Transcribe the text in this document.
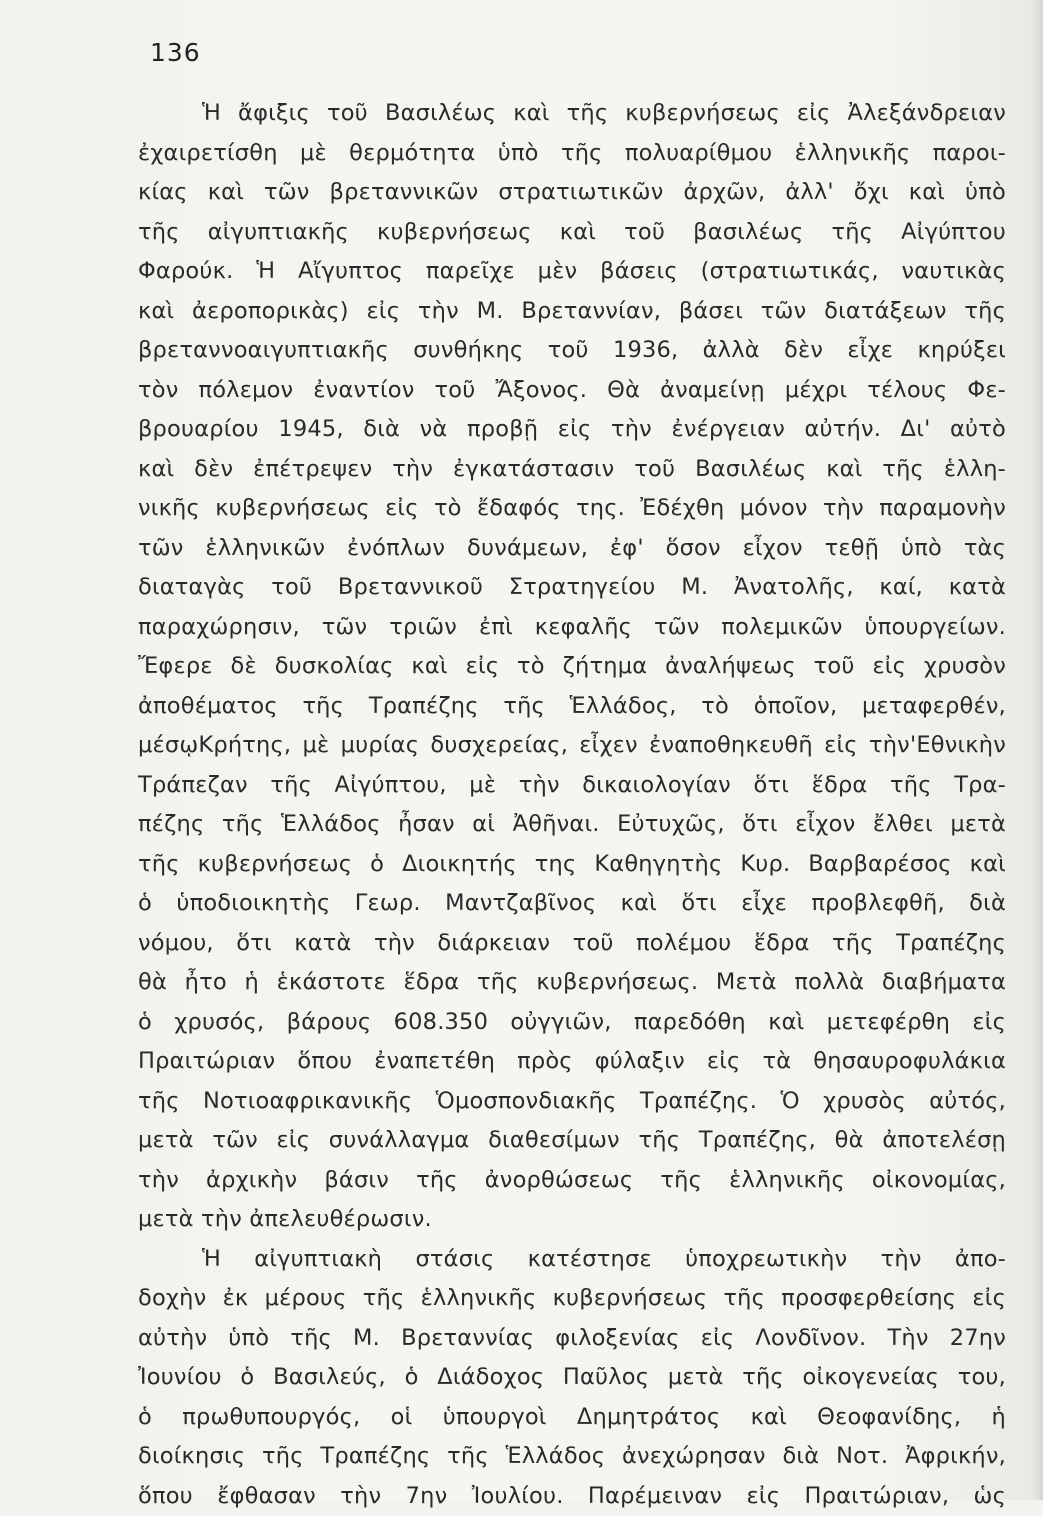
136
Ἡ ἄφιξις τοῦ Βασιλέως καὶ τῆς κυβερνήσεως εἰς Ἀλεξάνδρειαν
ἐχαιρετίσθη μὲ θερμότητα ὑπὸ τῆς πολυαρίθμου ἑλληνικῆς παροι-
κίας καὶ τῶν βρεταννικῶν στρατιωτικῶν ἀρχῶν, ἀλλ' ὄχι καὶ ὑπὸ
τῆς αἰγυπτιακῆς κυβερνήσεως καὶ τοῦ βασιλέως τῆς Αἰγύπτου
Φαρούκ. Ἡ Αἴγυπτος παρεῖχε μὲν βάσεις (στρατιωτικάς, ναυτικὰς
καὶ ἀεροπορικὰς) εἰς τὴν Μ. Βρεταννίαν, βάσει τῶν διατάξεων τῆς
βρεταννοαιγυπτιακῆς συνθήκης τοῦ 1936, ἀλλὰ δὲν εἶχε κηρύξει
τὸν πόλεμον ἐναντίον τοῦ Ἄξονος. Θὰ ἀναμείνῃ μέχρι τέλους Φε-
βρουαρίου 1945, διὰ νὰ προβῇ εἰς τὴν ἐνέργειαν αὐτήν. Δι' αὐτὸ
καὶ δὲν ἐπέτρεψεν τὴν ἐγκατάστασιν τοῦ Βασιλέως καὶ τῆς ἑλλη-
νικῆς κυβερνήσεως εἰς τὸ ἔδαφός της. Ἐδέχθη μόνον τὴν παραμονὴν
τῶν ἑλληνικῶν ἐνόπλων δυνάμεων, ἐφ' ὅσον εἶχον τεθῇ ὑπὸ τὰς
διαταγὰς τοῦ Βρεταννικοῦ Στρατηγείου Μ. Ἀνατολῆς, καί, κατὰ
παραχώρησιν, τῶν τριῶν ἐπὶ κεφαλῆς τῶν πολεμικῶν ὑπουργείων.
Ἔφερε δὲ δυσκολίας καὶ εἰς τὸ ζήτημα ἀναλήψεως τοῦ εἰς χρυσὸν
ἀποθέματος τῆς Τραπέζης τῆς Ἑλλάδος, τὸ ὁποῖον, μεταφερθέν,
μέσῳΚρήτης, μὲ μυρίας δυσχερείας, εἶχεν ἐναποθηκευθῆ εἰς τὴν'Εθνικὴν
Τράπεζαν τῆς Αἰγύπτου, μὲ τὴν δικαιολογίαν ὅτι ἕδρα τῆς Τρα-
πέζης τῆς Ἑλλάδος ἦσαν αἱ Ἀθῆναι. Εὐτυχῶς, ὅτι εἶχον ἔλθει μετὰ
τῆς κυβερνήσεως ὁ Διοικητής της Καθηγητὴς Κυρ. Βαρβαρέσος καὶ
ὁ ὑποδιοικητὴς Γεωρ. Μαντζαβῖνος καὶ ὅτι εἶχε προβλεφθῆ, διὰ
νόμου, ὅτι κατὰ τὴν διάρκειαν τοῦ πολέμου ἕδρα τῆς Τραπέζης
θὰ ἦτο ἡ ἑκάστοτε ἕδρα τῆς κυβερνήσεως. Μετὰ πολλὰ διαβήματα
ὁ χρυσός, βάρους 608.350 οὐγγιῶν, παρεδόθη καὶ μετεφέρθη εἰς
Πραιτώριαν ὅπου ἐναπετέθη πρὸς φύλαξιν εἰς τὰ θησαυροφυλάκια
τῆς Νοτιοαφρικανικῆς Ὁμοσπονδιακῆς Τραπέζης. Ὁ χρυσὸς αὐτός,
μετὰ τῶν εἰς συνάλλαγμα διαθεσίμων τῆς Τραπέζης, θὰ ἀποτελέσῃ
τὴν ἀρχικὴν βάσιν τῆς ἀνορθώσεως τῆς ἑλληνικῆς οἰκονομίας,
μετὰ τὴν ἀπελευθέρωσιν.
Ἡ αἰγυπτιακὴ στάσις κατέστησε ὑποχρεωτικὴν τὴν ἀπο-
δοχὴν ἐκ μέρους τῆς ἑλληνικῆς κυβερνήσεως τῆς προσφερθείσης εἰς
αὐτὴν ὑπὸ τῆς Μ. Βρεταννίας φιλοξενίας εἰς Λονδῖνον. Τὴν 27ην
Ἰουνίου ὁ Βασιλεύς, ὁ Διάδοχος Παῦλος μετὰ τῆς οἰκογενείας του,
ὁ πρωθυπουργός, οἱ ὑπουργοὶ Δημητράτος καὶ Θεοφανίδης, ἡ
διοίκησις τῆς Τραπέζης τῆς Ἑλλάδος ἀνεχώρησαν διὰ Νοτ. Ἀφρικήν,
ὅπου ἔφθασαν τὴν 7ην Ἰουλίου. Παρέμειναν εἰς Πραιτώριαν, ὡς
